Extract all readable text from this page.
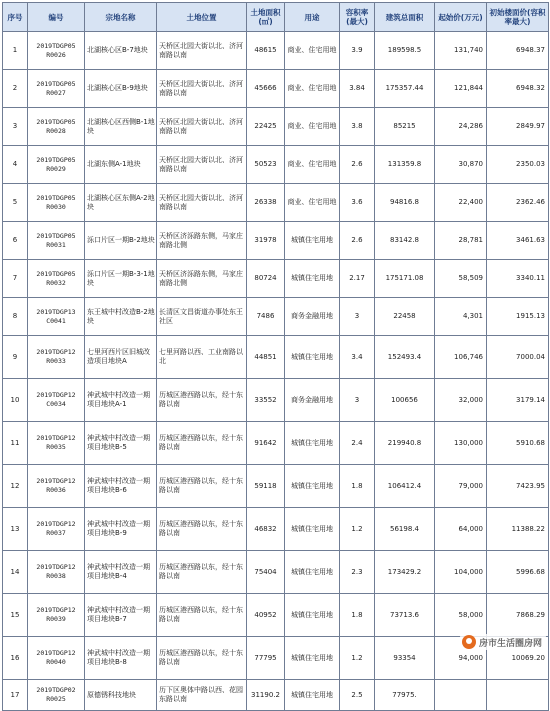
序号	编号	宗地名称	土地位置	土地面积(㎡)	用途	容积率(最大)	建筑总面积	起始价(万元)	初始楼面价(容积率最大)
1	2019TDGP05 R0026	北湖核心区B-7地块	天桥区北园大街以北、济河南路以南	48615	商业、住宅用地	3.9	189598.5	131,740	6948.37
2	2019TDGP05 R0027	北湖核心区B-9地块	天桥区北园大街以北、济河南路以南	45666	商业、住宅用地	3.84	175357.44	121,844	6948.32
3	2019TDGP05 R0028	北湖核心区西侧B-1地块	天桥区北园大街以北、济河南路以南	22425	商业、住宅用地	3.8	85215	24,286	2849.97
4	2019TDGP05 R0029	北湖东侧A-1地块	天桥区北园大街以北、济河南路以南	50523	商业、住宅用地	2.6	131359.8	30,870	2350.03
5	2019TDGP05 R0030	北湖核心区东侧A-2地块	天桥区北园大街以北、济河南路以南	26338	商业、住宅用地	3.6	94816.8	22,400	2362.46
6	2019TDGP05 R0031	泺口片区一期B-2地块	天桥区济泺路东侧，马家庄南路北侧	31978	城镇住宅用地	2.6	83142.8	28,781	3461.63
7	2019TDGP05 R0032	泺口片区一期B-3-1地块	天桥区济泺路东侧，马家庄南路北侧	80724	城镇住宅用地	2.17	175171.08	58,509	3340.11
8	2019TDGP13 C0041	东王城中村改造B-2地块	长清区文昌街道办事处东王社区	7486	商务金融用地	3	22458	4,301	1915.13
9	2019TDGP12 R0033	七里河西片区旧城改造项目地块A	七里河路以西、工业南路以北	44851	城镇住宅用地	3.4	152493.4	106,746	7000.04
10	2019TDGP12 C0034	神武城中村改造一期项目地块A-1	历城区港西路以东，经十东路以南	33552	商务金融用地	3	100656	32,000	3179.14
11	2019TDGP12 R0035	神武城中村改造一期项目地块B-5	历城区港西路以东，经十东路以南	91642	城镇住宅用地	2.4	219940.8	130,000	5910.68
12	2019TDGP12 R0036	神武城中村改造一期项目地块B-6	历城区港西路以东，经十东路以南	59118	城镇住宅用地	1.8	106412.4	79,000	7423.95
13	2019TDGP12 R0037	神武城中村改造一期项目地块B-9	历城区港西路以东，经十东路以南	46832	城镇住宅用地	1.2	56198.4	64,000	11388.22
14	2019TDGP12 R0038	神武城中村改造一期项目地块B-4	历城区港西路以东，经十东路以南	75404	城镇住宅用地	2.3	173429.2	104,000	5996.68
15	2019TDGP12 R0039	神武城中村改造一期项目地块B-7	历城区港西路以东，经十东路以南	40952	城镇住宅用地	1.8	73713.6	58,000	7868.29
16	2019TDGP12 R0040	神武城中村改造一期项目地块B-8	历城区港西路以东，经十东路以南	77795	城镇住宅用地	1.2	93354	94,000	10069.20
17	2019TDGP02 R0025	原德锈科技地块	历下区奥体中路以西、花园东路以南	31190.2	城镇住宅用地	2.5	77975.		
房市生活圈房网
